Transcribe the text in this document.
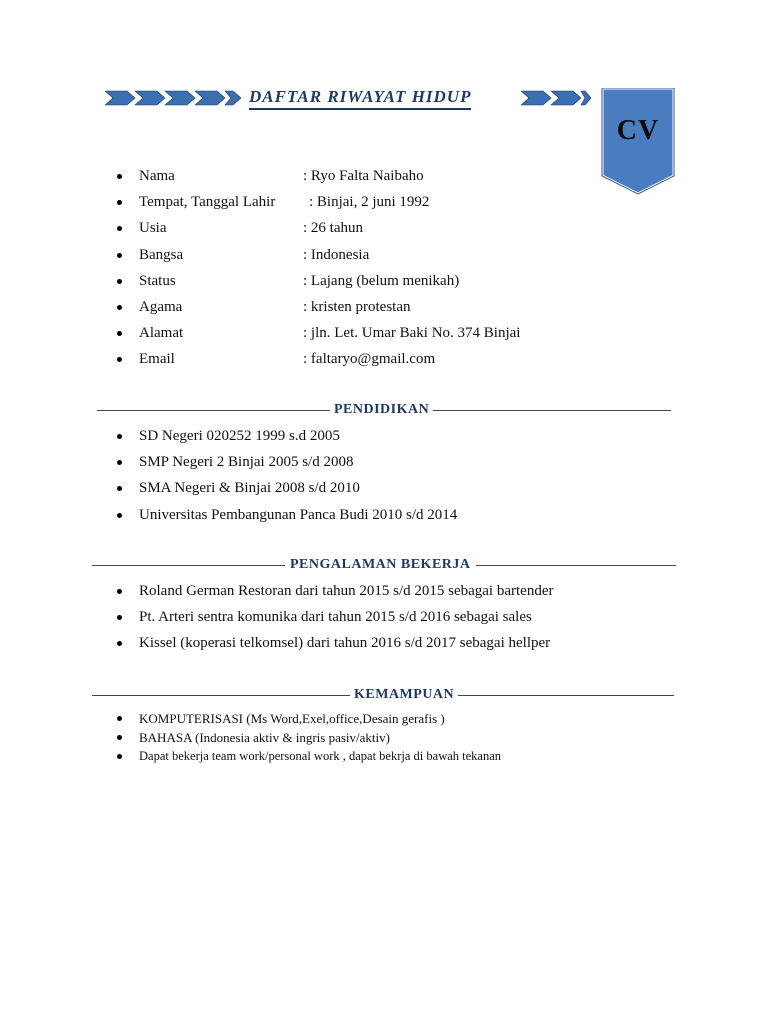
DAFTAR RIWAYAT HIDUP
CV
Nama	: Ryo Falta Naibaho
Tempat, Tanggal Lahir : Binjai, 2 juni 1992
Usia	: 26 tahun
Bangsa	: Indonesia
Status	: Lajang (belum menikah)
Agama	: kristen protestan
Alamat	: jln. Let. Umar Baki No. 374 Binjai
Email	: faltaryo@gmail.com
PENDIDIKAN
SD Negeri 020252 1999 s.d 2005
SMP Negeri 2 Binjai 2005 s/d 2008
SMA Negeri & Binjai 2008 s/d 2010
Universitas Pembangunan Panca Budi 2010 s/d 2014
PENGALAMAN BEKERJA
Roland German Restoran dari tahun 2015 s/d 2015 sebagai bartender
Pt. Arteri sentra komunika dari tahun 2015 s/d 2016 sebagai sales
Kissel (koperasi telkomsel) dari tahun 2016 s/d 2017 sebagai hellper
KEMAMPUAN
KOMPUTERISASI (Ms Word,Exel,office,Desain gerafis )
BAHASA (Indonesia aktiv & ingris pasiv/aktiv)
Dapat bekerja team work/personal work , dapat bekrja di bawah tekanan
